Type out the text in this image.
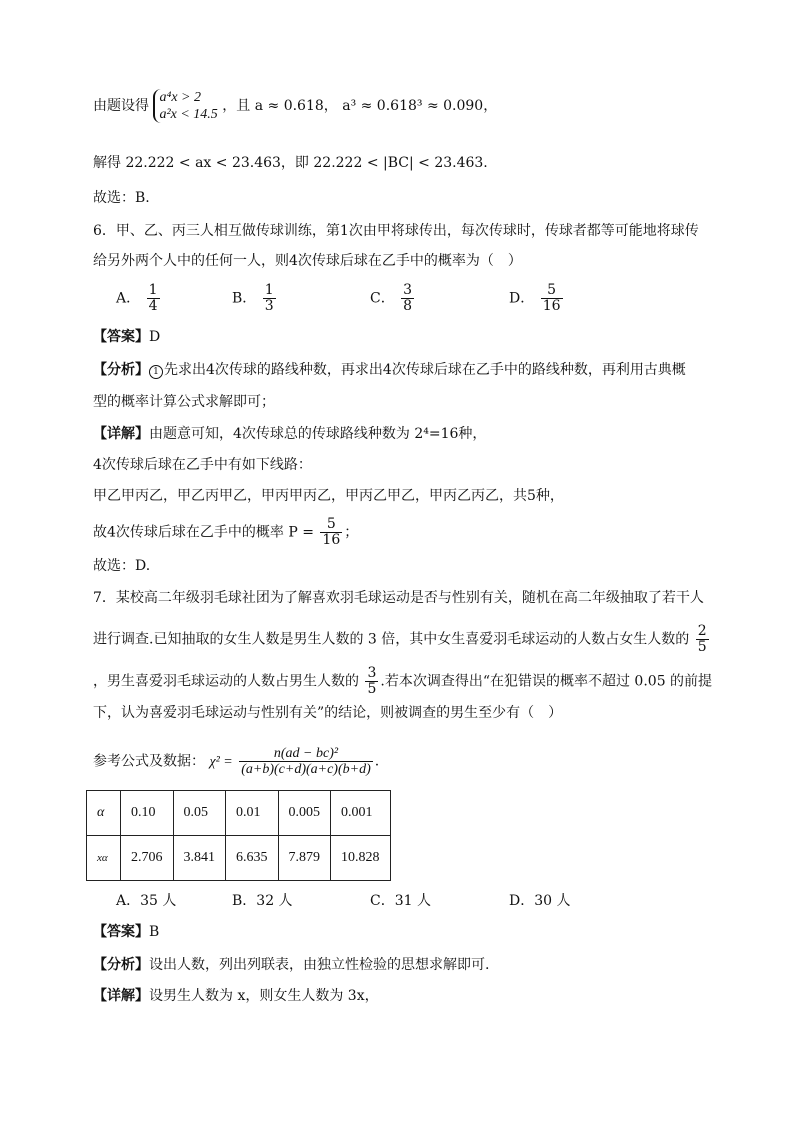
由题设得
a⁴x > 2
a²x < 14.5
，且 a ≈ 0.618， a³ ≈ 0.618³ ≈ 0.090，
解得 22.222 < ax < 23.463，即 22.222 < |BC| < 23.463.
故选：B.
6．甲、乙、丙三人相互做传球训练，第1次由甲将球传出，每次传球时，传球者都等可能地将球传
给另外两个人中的任何一人，则4次传球后球在乙手中的概率为（　）
A． $\frac{1}{4}$	B． $\frac{1}{3}$	C． $\frac{3}{8}$	D． $\frac{5}{16}$
【答案】D
【分析】 1 先求出4次传球的路线种数，再求出4次传球后球在乙手中的路线种数，再利用古典概
型的概率计算公式求解即可；
【详解】由题意可知，4次传球总的传球路线种数为 2⁴=16种，
4次传球后球在乙手中有如下线路：
甲乙甲丙乙，甲乙丙甲乙，甲丙甲丙乙，甲丙乙甲乙，甲丙乙丙乙，共5种，
故4次传球后球在乙手中的概率 $P = \frac{5}{16}$ ；
故选：D.
7．某校高二年级羽毛球社团为了解喜欢羽毛球运动是否与性别有关，随机在高二年级抽取了若干人
进行调查.已知抽取的女生人数是男生人数的 3 倍，其中女生喜爱羽毛球运动的人数占女生人数的 $\frac{2}{5}$
，男生喜爱羽毛球运动的人数占男生人数的 $\frac{3}{5}$ .若本次调查得出“在犯错误的概率不超过 0.05 的前提
下，认为喜爱羽毛球运动与性别有关”的结论，则被调查的男生至少有（　）
参考公式及数据： $\chi^2 = \frac{\text{n(ad − bc)²}}{(a+b)(c+d)(a+c)(b+d)}$ .
α	0.10	0.05	0.01	0.005	0.001
xα	2.706	3.841	6.635	7.879	10.828
A．35 人	B．32 人	C．31 人	D．30 人
【答案】B
【分析】设出人数，列出列联表，由独立性检验的思想求解即可.
【详解】设男生人数为 x，则女生人数为 3x，
